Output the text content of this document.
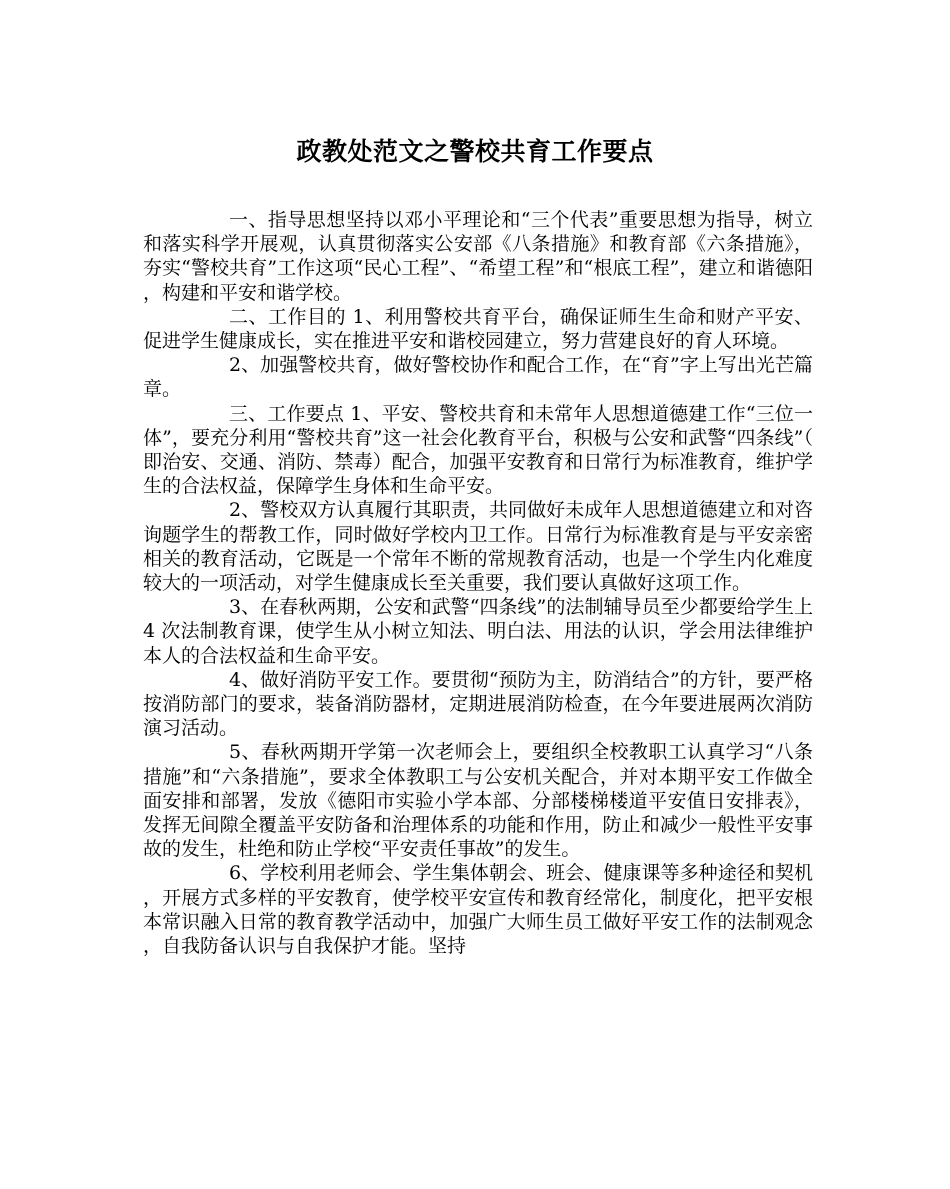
政教处范文之警校共育工作要点

一、指导思想坚持以邓小平理论和“三个代表”重要思想为指导，树立和落实科学开展观，认真贯彻落实公安部《八条措施》和教育部《六条措施》，夯实“警校共育”工作这项“民心工程”、“希望工程”和“根底工程”，建立和谐德阳，构建和平安和谐学校。

二、工作目的 1、利用警校共育平台，确保证师生生命和财产平安、促进学生健康成长，实在推进平安和谐校园建立，努力营建良好的育人环境。

2、加强警校共育，做好警校协作和配合工作，在“育”字上写出光芒篇章。

三、工作要点 1、平安、警校共育和未常年人思想道德建工作“三位一体”，要充分利用“警校共育”这一社会化教育平台，积极与公安和武警“四条线”（即治安、交通、消防、禁毒）配合，加强平安教育和日常行为标准教育，维护学生的合法权益，保障学生身体和生命平安。

2、警校双方认真履行其职责，共同做好未成年人思想道德建立和对咨询题学生的帮教工作，同时做好学校内卫工作。日常行为标准教育是与平安亲密相关的教育活动，它既是一个常年不断的常规教育活动，也是一个学生内化难度较大的一项活动，对学生健康成长至关重要，我们要认真做好这项工作。

3、在春秋两期，公安和武警“四条线”的法制辅导员至少都要给学生上 4 次法制教育课，使学生从小树立知法、明白法、用法的认识，学会用法律维护本人的合法权益和生命平安。

4、做好消防平安工作。要贯彻“预防为主，防消结合”的方针，要严格按消防部门的要求，装备消防器材，定期进展消防检查，在今年要进展两次消防演习活动。

5、春秋两期开学第一次老师会上，要组织全校教职工认真学习“八条措施”和“六条措施”，要求全体教职工与公安机关配合，并对本期平安工作做全面安排和部署，发放《德阳市实验小学本部、分部楼梯楼道平安值日安排表》，发挥无间隙全覆盖平安防备和治理体系的功能和作用，防止和减少一般性平安事故的发生，杜绝和防止学校“平安责任事故”的发生。

6、学校利用老师会、学生集体朝会、班会、健康课等多种途径和契机，开展方式多样的平安教育，使学校平安宣传和教育经常化，制度化，把平安根本常识融入日常的教育教学活动中，加强广大师生员工做好平安工作的法制观念，自我防备认识与自我保护才能。坚持
